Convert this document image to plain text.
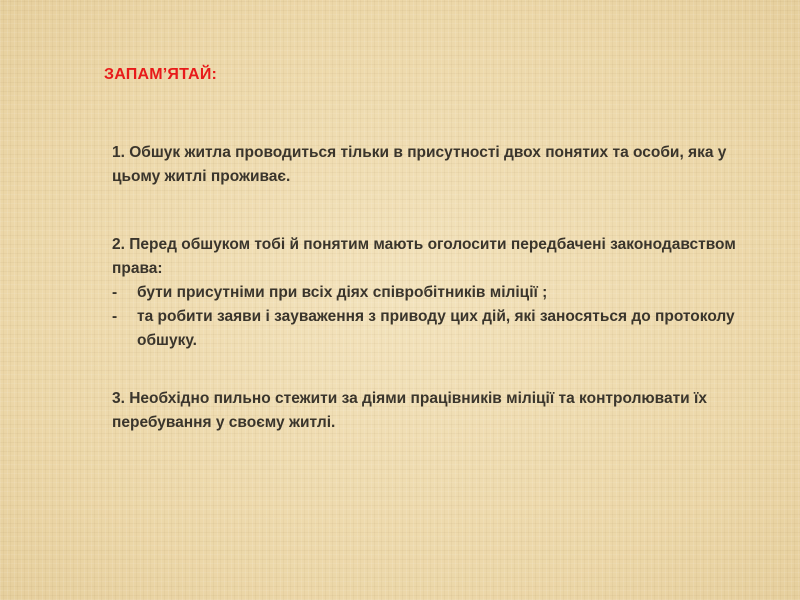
ЗАПАМ’ЯТАЙ:
1. Обшук житла проводиться тільки в присутності двох понятих та особи, яка у цьому житлі проживає.
2. Перед обшуком тобі й понятим мають оголосити передбачені законодавством права:
- бути присутніми при всіх діях співробітників міліції ;
- та робити заяви і зауваження з приводу цих дій, які заносяться до протоколу обшуку.
3. Необхідно пильно стежити за діями працівників міліції та контролювати їх перебування у своєму житлі.
